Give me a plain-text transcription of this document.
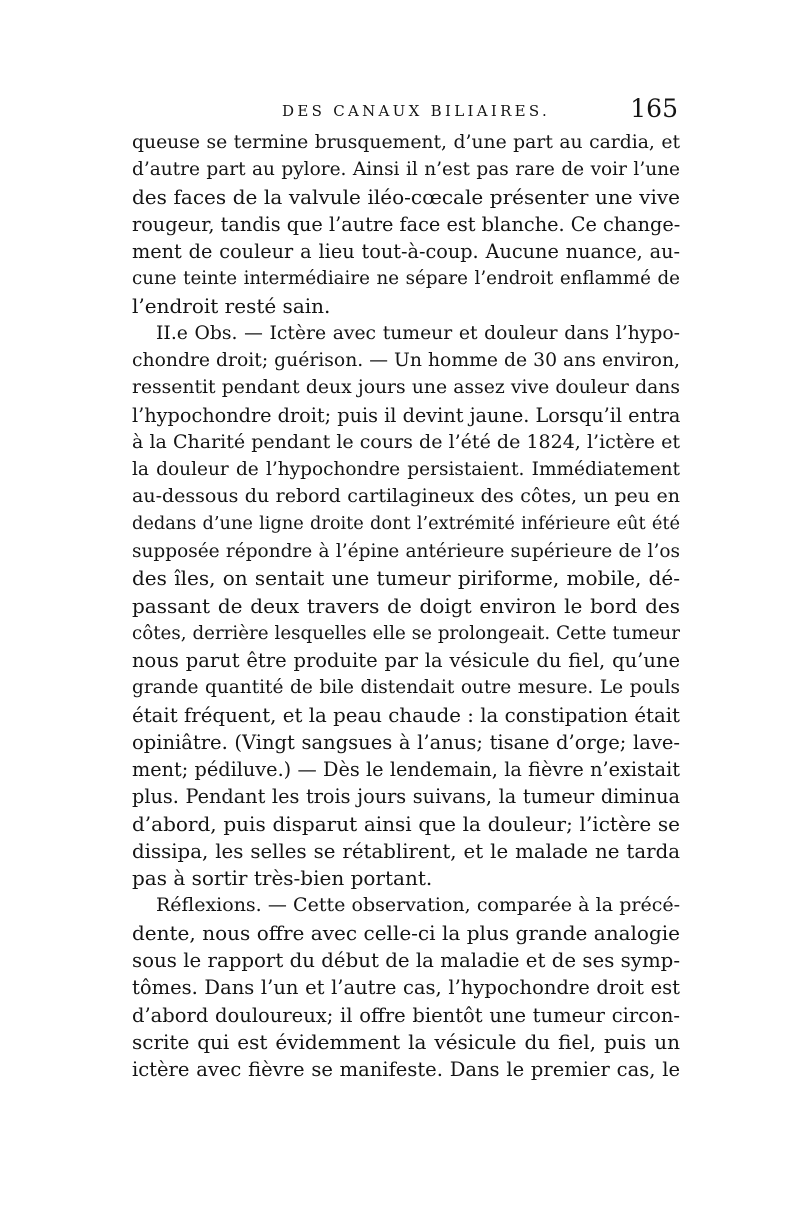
DES CANAUX BILIAIRES.	165
queuse se termine brusquement, d’une part au cardia, et
d’autre part au pylore. Ainsi il n’est pas rare de voir l’une
des faces de la valvule iléo-cœcale présenter une vive
rougeur, tandis que l’autre face est blanche. Ce change-
ment de couleur a lieu tout-à-coup. Aucune nuance, au-
cune teinte intermédiaire ne sépare l’endroit enflammé de
l’endroit resté sain.
II.e Obs. — Ictère avec tumeur et douleur dans l’hypo-
chondre droit; guérison. — Un homme de 30 ans environ,
ressentit pendant deux jours une assez vive douleur dans
l’hypochondre droit; puis il devint jaune. Lorsqu’il entra
à la Charité pendant le cours de l’été de 1824, l’ictère et
la douleur de l’hypochondre persistaient. Immédiatement
au-dessous du rebord cartilagineux des côtes, un peu en
dedans d’une ligne droite dont l’extrémité inférieure eût été
supposée répondre à l’épine antérieure supérieure de l’os
des îles, on sentait une tumeur piriforme, mobile, dé-
passant de deux travers de doigt environ le bord des
côtes, derrière lesquelles elle se prolongeait. Cette tumeur
nous parut être produite par la vésicule du fiel, qu’une
grande quantité de bile distendait outre mesure. Le pouls
était fréquent, et la peau chaude : la constipation était
opiniâtre. (Vingt sangsues à l’anus; tisane d’orge; lave-
ment; pédiluve.) — Dès le lendemain, la fièvre n’existait
plus. Pendant les trois jours suivans, la tumeur diminua
d’abord, puis disparut ainsi que la douleur; l’ictère se
dissipa, les selles se rétablirent, et le malade ne tarda
pas à sortir très-bien portant.
Réflexions. — Cette observation, comparée à la précé-
dente, nous offre avec celle-ci la plus grande analogie
sous le rapport du début de la maladie et de ses symp-
tômes. Dans l’un et l’autre cas, l’hypochondre droit est
d’abord douloureux; il offre bientôt une tumeur circon-
scrite qui est évidemment la vésicule du fiel, puis un
ictère avec fièvre se manifeste. Dans le premier cas, le
